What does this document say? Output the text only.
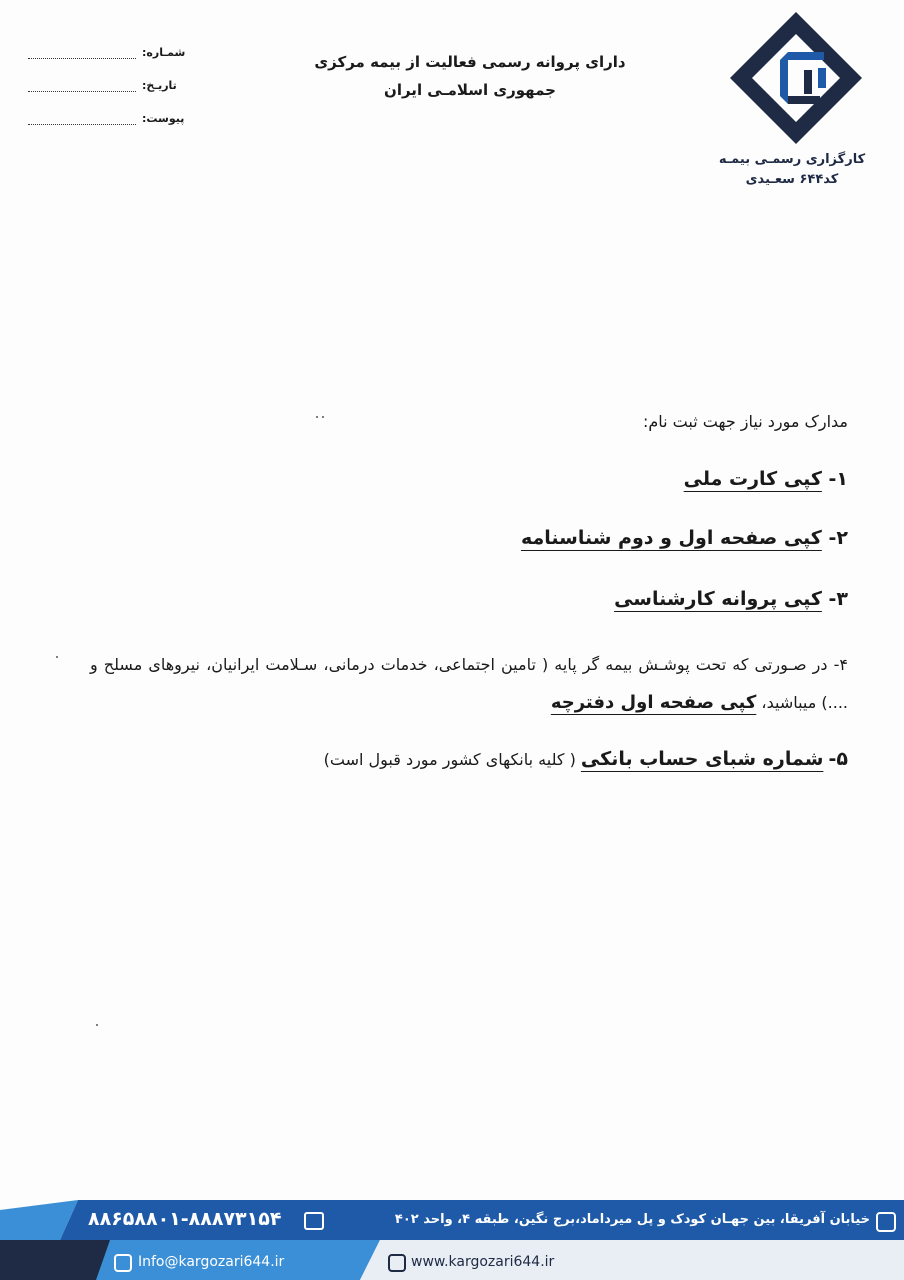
شمـاره:
تاریـخ:
پیوست:
دارای پروانه رسمی فعالیت از بیمه مرکزی
جمهوری اسلامـی ایران
کارگزاری رسمـی بیمـه
کد۶۴۴ سعـیدی
مدارک مورد نیاز جهت ثبت نام:
۱- کپی کارت ملی
۲- کپی صفحه اول و دوم شناسنامه
۳- کپی پروانه کارشناسی
۴- در صـورتی که تحت پوشـش بیمه گر پایه ( تامین اجتماعی، خدمات درمانی، سـلامت ایرانیان، نیروهای مسلح و ....) میباشید، کپی صفحه اول دفترچه
۵- شماره شبای حساب بانکی ( کلیه بانکهای کشور مورد قبول است)
۸۸۶۵۸۸۰۱-۸۸۸۷۳۱۵۴	خیابان آفریقا، بین جهـان کودک و پل میرداماد،برج نگین، طبقه ۴، واحد ۴۰۲
Info@kargozari644.ir	www.kargozari644.ir
